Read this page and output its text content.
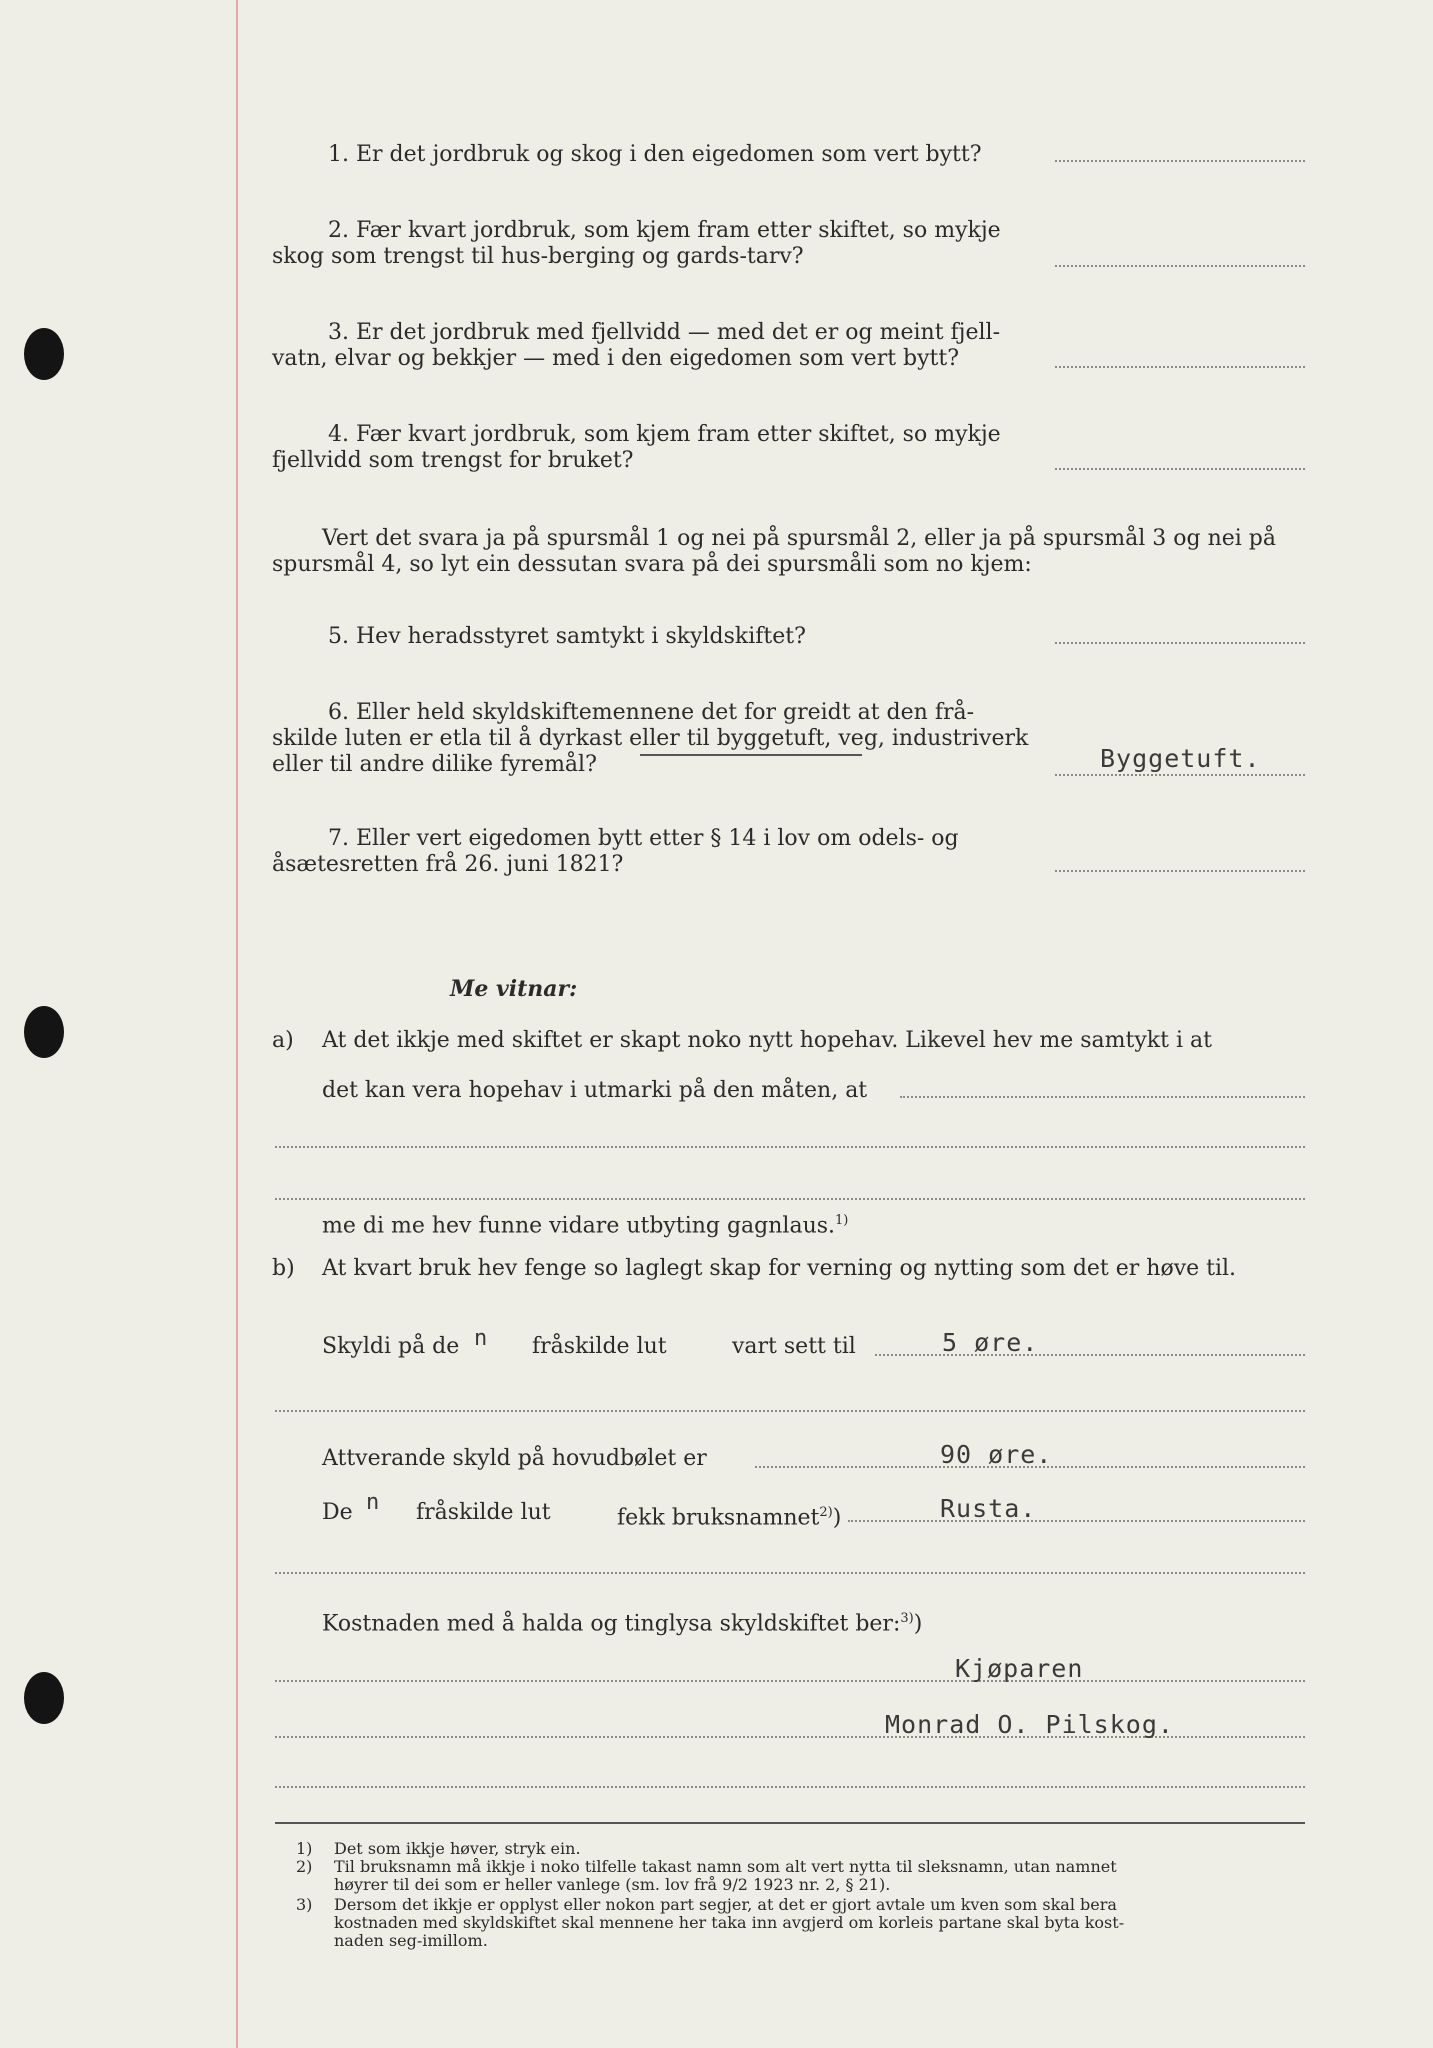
1. Er det jordbruk og skog i den eigedomen som vert bytt?
2. Fær kvart jordbruk, som kjem fram etter skiftet, so mykje
skog som trengst til hus-berging og gards-tarv?
3. Er det jordbruk med fjellvidd — med det er og meint fjell-
vatn, elvar og bekkjer — med i den eigedomen som vert bytt?
4. Fær kvart jordbruk, som kjem fram etter skiftet, so mykje
fjellvidd som trengst for bruket?
Vert det svara ja på spursmål 1 og nei på spursmål 2, eller ja på spursmål 3 og nei på
spursmål 4, so lyt ein dessutan svara på dei spursmåli som no kjem:
5. Hev heradsstyret samtykt i skyldskiftet?
6. Eller held skyldskiftemennene det for greidt at den frå-
skilde luten er etla til å dyrkast eller til byggetuft, veg, industriverk
eller til andre dilike fyremål?	Byggetuft.
7. Eller vert eigedomen bytt etter § 14 i lov om odels- og
åsætesretten frå 26. juni 1821?
Me vitnar:
a) At det ikkje med skiftet er skapt noko nytt hopehav. Likevel hev me samtykt i at
det kan vera hopehav i utmarki på den måten, at
me di me hev funne vidare utbyting gagnlaus.$^{1)}$
b) At kvart bruk hev fenge so laglegt skap for verning og nytting som det er høve til.
Skyldi på de n fråskilde lut	vart sett til	5 øre.
Attverande skyld på hovudbølet er	90 øre.
De n fråskilde lut	fekk bruksnamnet$^{2)}$)	Rusta.
Kostnaden med å halda og tinglysa skyldskiftet ber:$^{3)}$)
Kjøparen
Monrad O. Pilskog.
1) Det som ikkje høver, stryk ein.
2) Til bruksnamn må ikkje i noko tilfelle takast namn som alt vert nytta til sleksnamn, utan namnet
høyrer til dei som er heller vanlege (sm. lov frå 9/2 1923 nr. 2, § 21).
3) Dersom det ikkje er opplyst eller nokon part segjer, at det er gjort avtale um kven som skal bera
kostnaden med skyldskiftet skal mennene her taka inn avgjerd om korleis partane skal byta kost-
naden seg-imillom.
